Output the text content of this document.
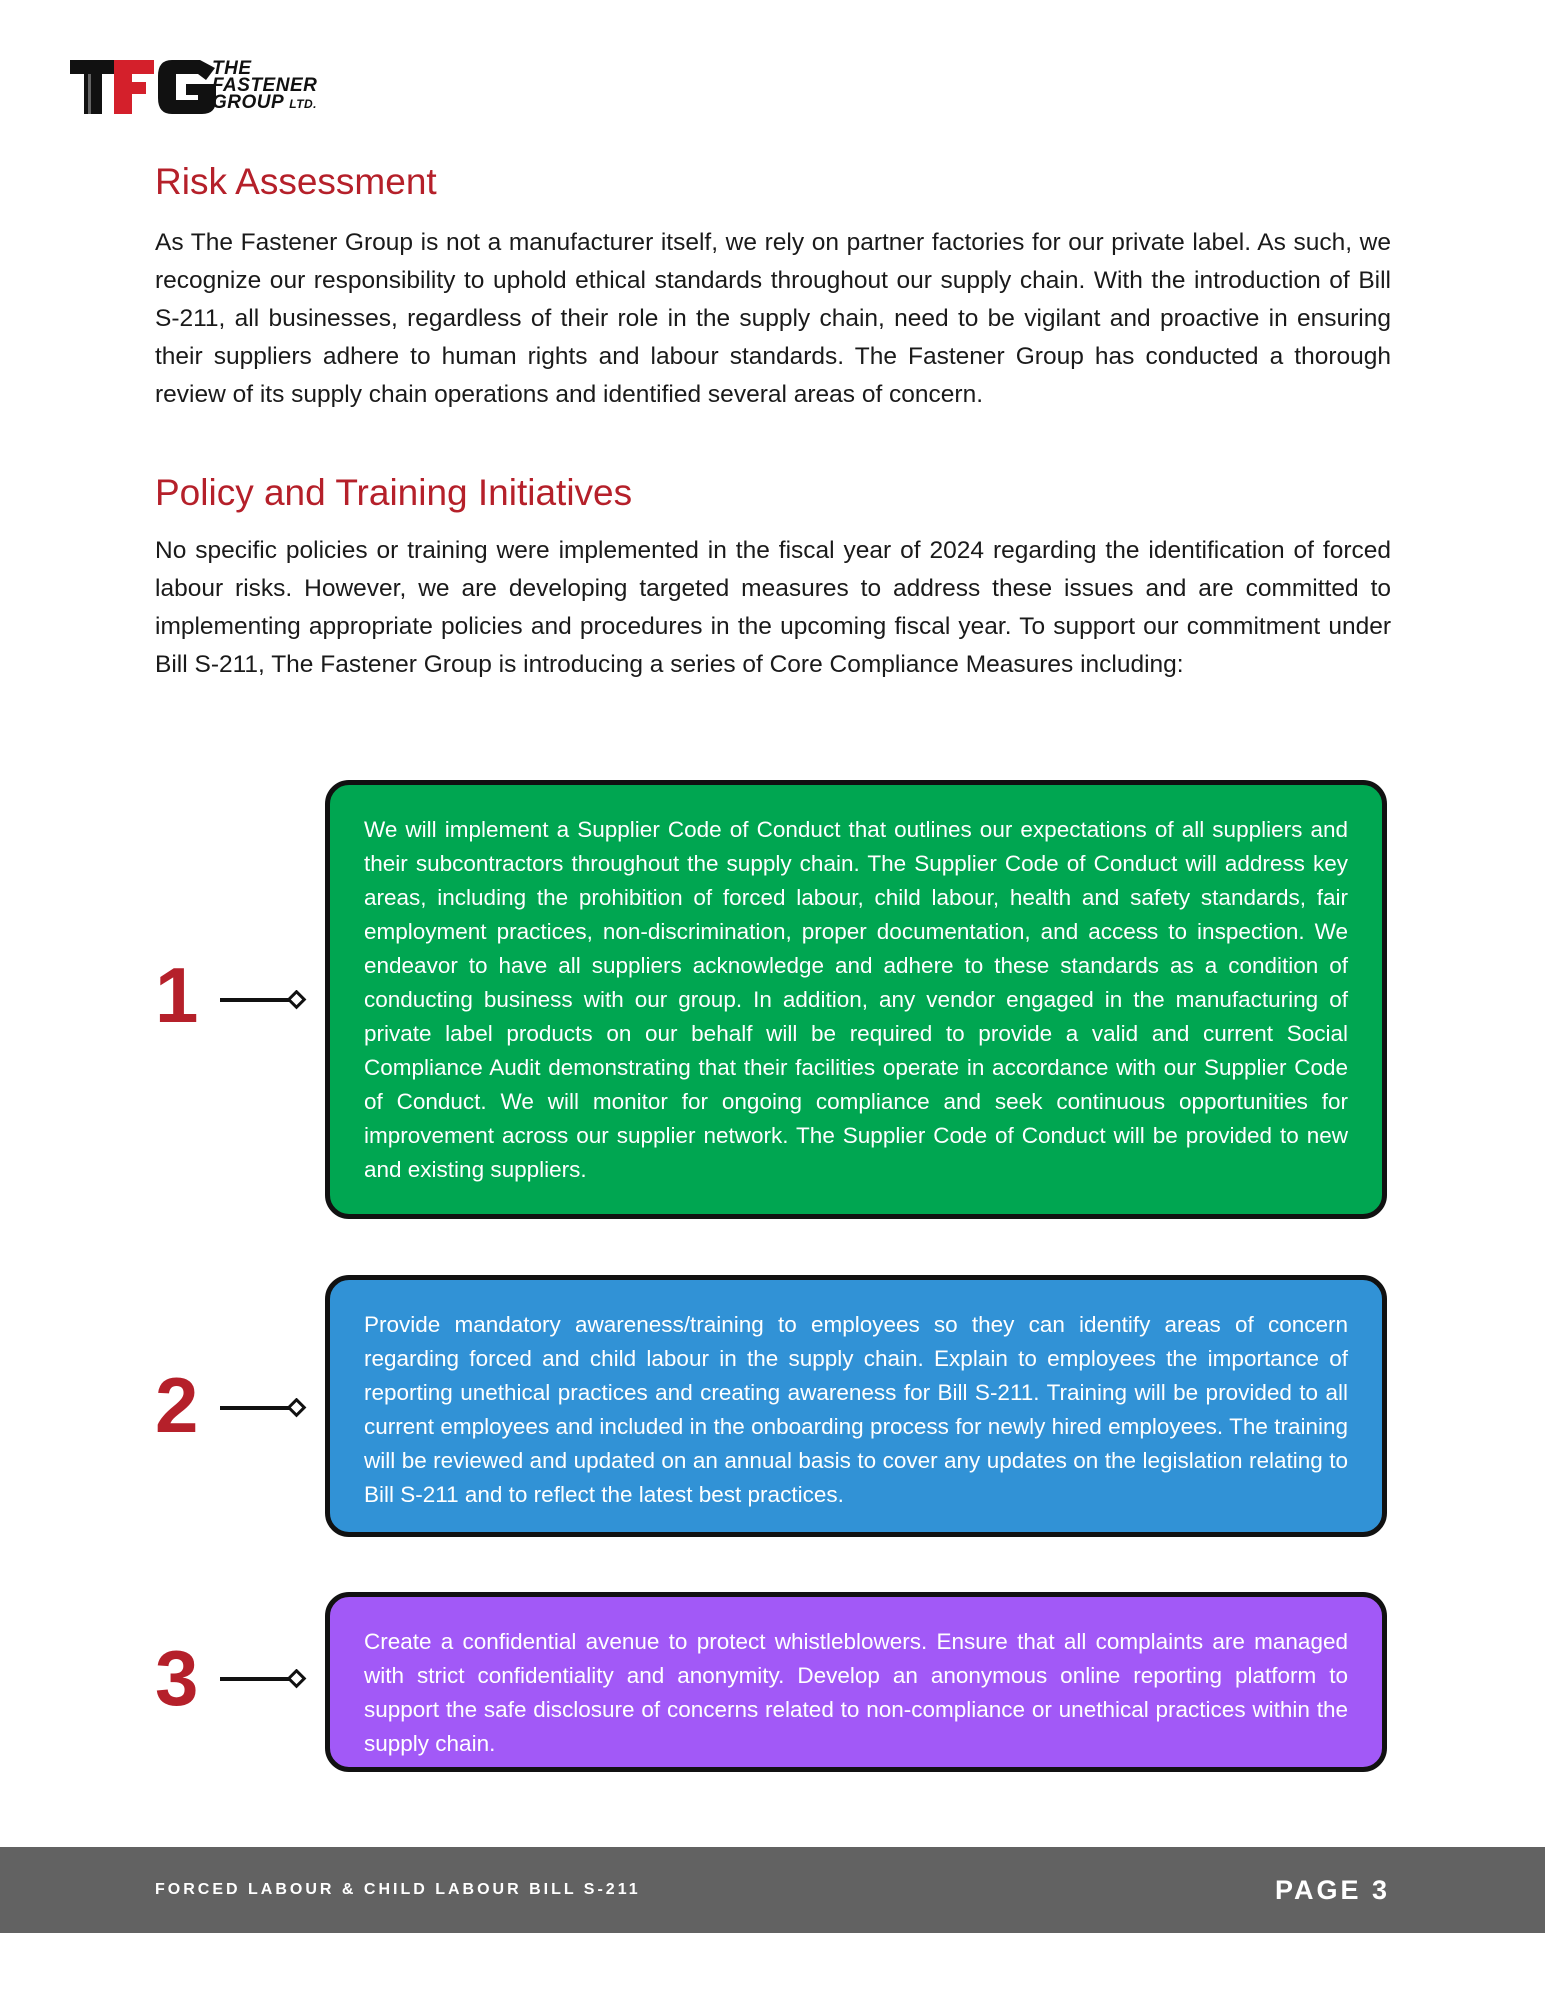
THE
FASTENER
GROUP LTD.
Risk Assessment

As The Fastener Group is not a manufacturer itself, we rely on partner factories for our private label. As such, we recognize our responsibility to uphold ethical standards throughout our supply chain. With the introduction of Bill S-211, all businesses, regardless of their role in the supply chain, need to be vigilant and proactive in ensuring their suppliers adhere to human rights and labour standards. The Fastener Group has conducted a thorough review of its supply chain operations and identified several areas of concern.

Policy and Training Initiatives

No specific policies or training were implemented in the fiscal year of 2024 regarding the identification of forced labour risks. However, we are developing targeted measures to address these issues and are committed to implementing appropriate policies and procedures in the upcoming fiscal year. To support our commitment under Bill S-211, The Fastener Group is introducing a series of Core Compliance Measures including:

1
We will implement a Supplier Code of Conduct that outlines our expectations of all suppliers and their subcontractors throughout the supply chain. The Supplier Code of Conduct will address key areas, including the prohibition of forced labour, child labour, health and safety standards, fair employment practices, non-discrimination, proper documentation, and access to inspection. We endeavor to have all suppliers acknowledge and adhere to these standards as a condition of conducting business with our group. In addition, any vendor engaged in the manufacturing of private label products on our behalf will be required to provide a valid and current Social Compliance Audit demonstrating that their facilities operate in accordance with our Supplier Code of Conduct. We will monitor for ongoing compliance and seek continuous opportunities for improvement across our supplier network. The Supplier Code of Conduct will be provided to new and existing suppliers.
2
Provide mandatory awareness/training to employees so they can identify areas of concern regarding forced and child labour in the supply chain. Explain to employees the importance of reporting unethical practices and creating awareness for Bill S-211. Training will be provided to all current employees and included in the onboarding process for newly hired employees. The training will be reviewed and updated on an annual basis to cover any updates on the legislation relating to Bill S-211 and to reflect the latest best practices.
3	Create a confidential avenue to protect whistleblowers. Ensure that all complaints are managed with strict confidentiality and anonymity. Develop an anonymous online reporting platform to support the safe disclosure of concerns related to non-compliance or unethical practices within the supply chain.
FORCED LABOUR & CHILD LABOUR BILL S-211	PAGE 3
